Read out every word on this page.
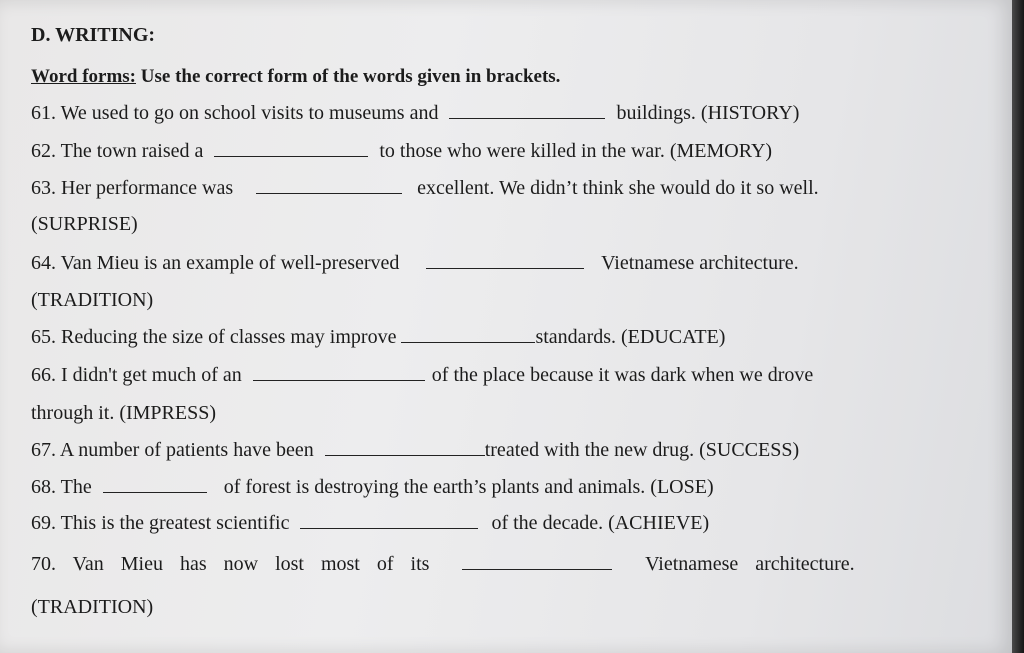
D. WRITING:
Word forms: Use the correct form of the words given in brackets.
61. We used to go on school visits to museums and	buildings. (HISTORY)
62. The town raised a	to those who were killed in the war. (MEMORY)
63. Her performance was	excellent. We didn’t think she would do it so well.
(SURPRISE)
64. Van Mieu is an example of well-preserved	Vietnamese architecture.
(TRADITION)
65. Reducing the size of classes may improve	standards. (EDUCATE)
66. I didn't get much of an	of the place because it was dark when we drove
through it. (IMPRESS)
67. A number of patients have been	treated with the new drug. (SUCCESS)
68. The	of forest is destroying the earth’s plants and animals. (LOSE)
69. This is the greatest scientific	of the decade. (ACHIEVE)
70. Van Mieu has now lost most of its	Vietnamese architecture.
(TRADITION)
